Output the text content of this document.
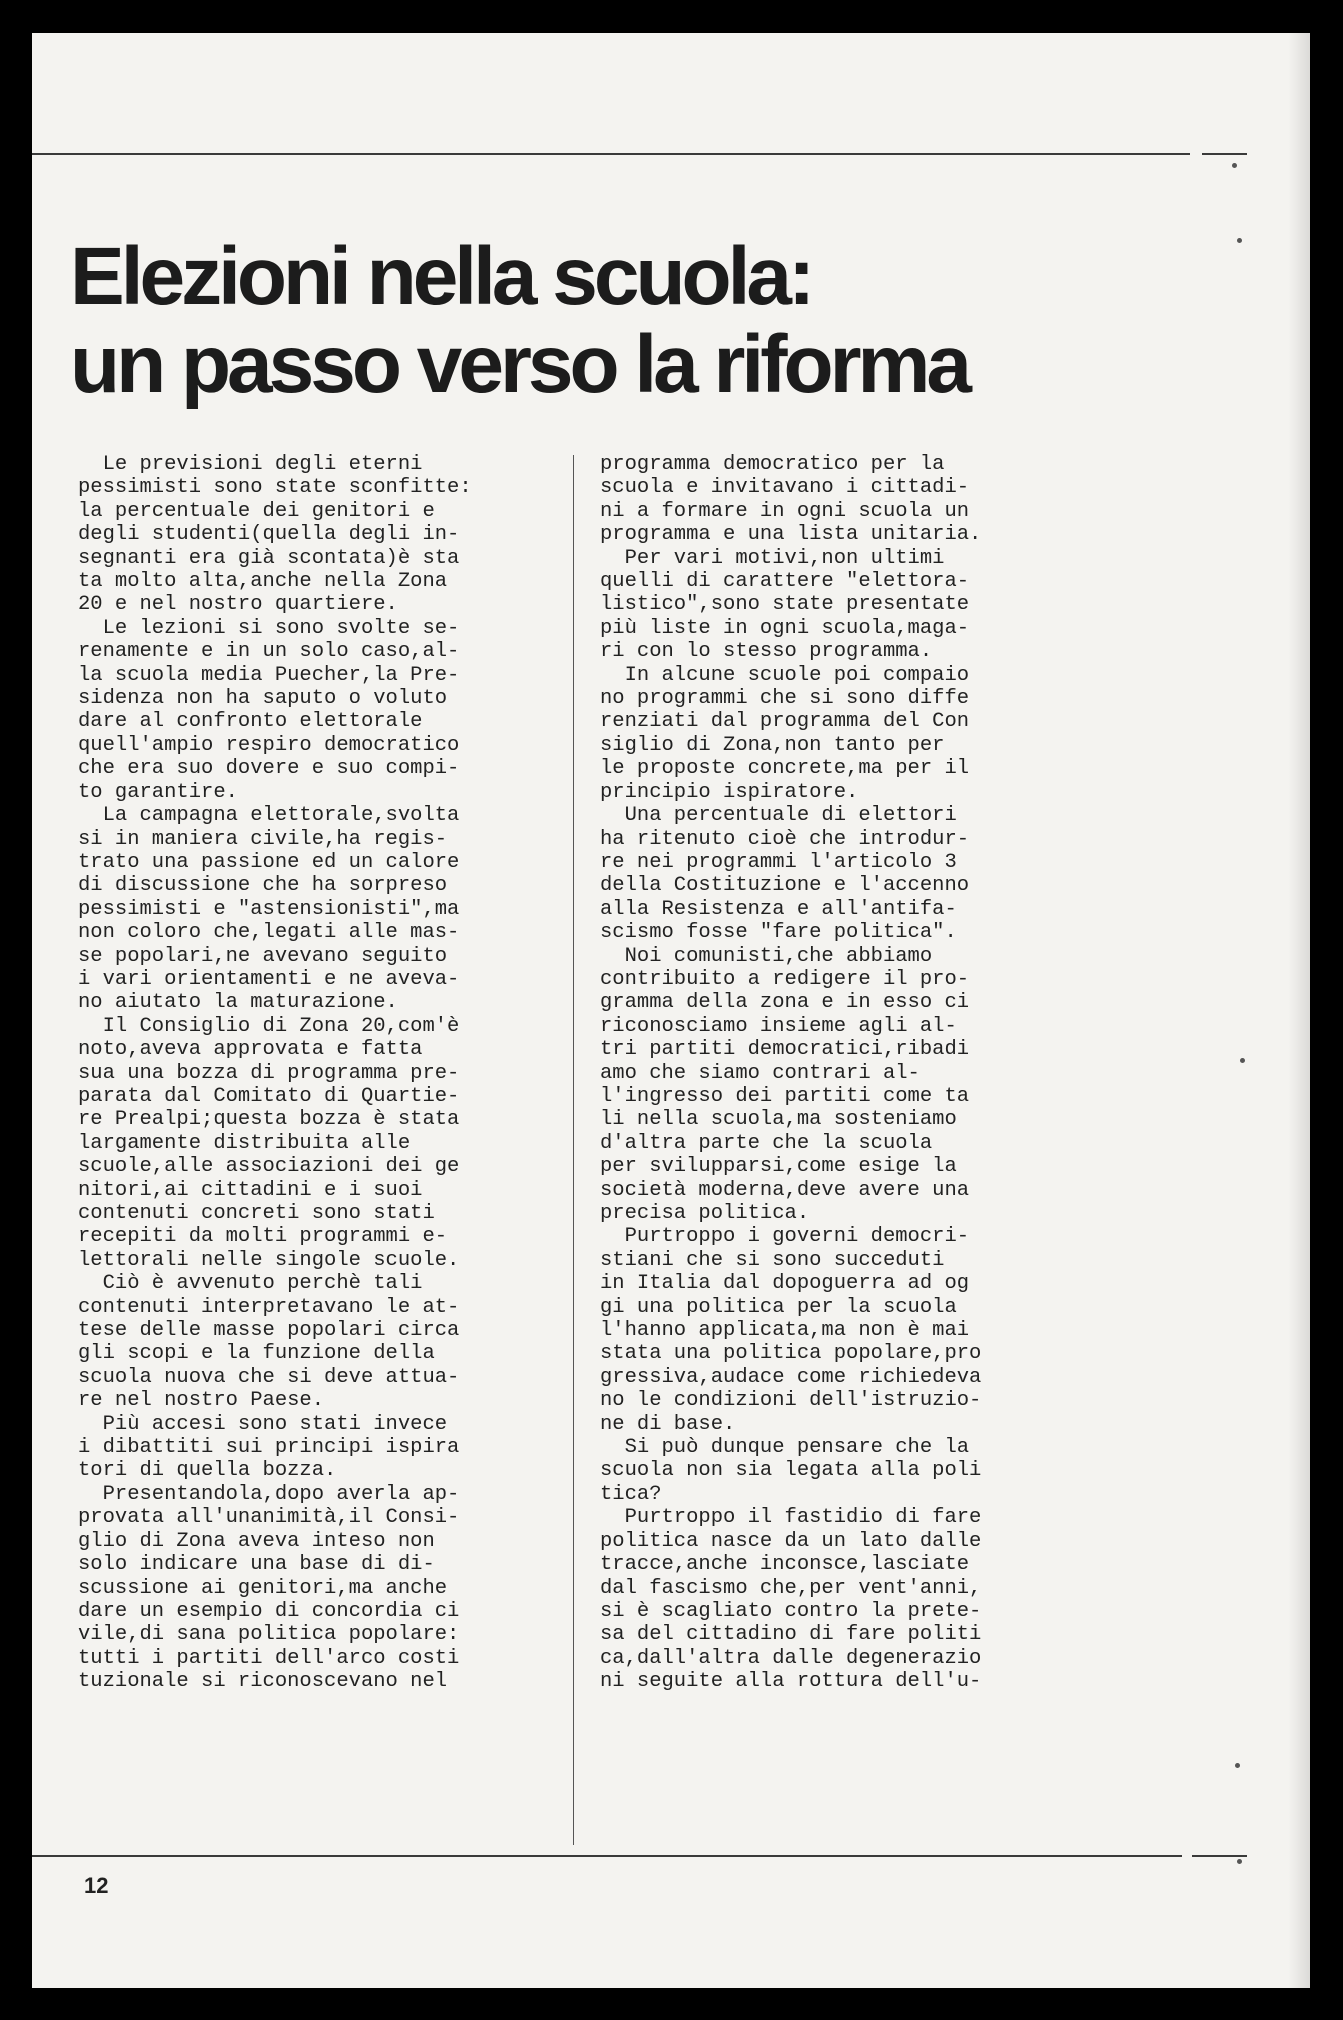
Elezioni nella scuola:
un passo verso la riforma
Le previsioni degli eterni
pessimisti sono state sconfitte:
la percentuale dei genitori e
degli studenti(quella degli in-
segnanti era già scontata)è sta
ta molto alta,anche nella Zona
20 e nel nostro quartiere.
Le lezioni si sono svolte se-
renamente e in un solo caso,al-
la scuola media Puecher,la Pre-
sidenza non ha saputo o voluto
dare al confronto elettorale
quell'ampio respiro democratico
che era suo dovere e suo compi-
to garantire.
La campagna elettorale,svolta
si in maniera civile,ha regis-
trato una passione ed un calore
di discussione che ha sorpreso
pessimisti e "astensionisti",ma
non coloro che,legati alle mas-
se popolari,ne avevano seguito
i vari orientamenti e ne aveva-
no aiutato la maturazione.
Il Consiglio di Zona 20,com'è
noto,aveva approvata e fatta
sua una bozza di programma pre-
parata dal Comitato di Quartie-
re Prealpi;questa bozza è stata
largamente distribuita alle
scuole,alle associazioni dei ge
nitori,ai cittadini e i suoi
contenuti concreti sono stati
recepiti da molti programmi e-
lettorali nelle singole scuole.
Ciò è avvenuto perchè tali
contenuti interpretavano le at-
tese delle masse popolari circa
gli scopi e la funzione della
scuola nuova che si deve attua-
re nel nostro Paese.
Più accesi sono stati invece
i dibattiti sui principi ispira
tori di quella bozza.
Presentandola,dopo averla ap-
provata all'unanimità,il Consi-
glio di Zona aveva inteso non
solo indicare una base di di-
scussione ai genitori,ma anche
dare un esempio di concordia ci
vile,di sana politica popolare:
tutti i partiti dell'arco costi
tuzionale si riconoscevano nel
programma democratico per la
scuola e invitavano i cittadi-
ni a formare in ogni scuola un
programma e una lista unitaria.
Per vari motivi,non ultimi
quelli di carattere "elettora-
listico",sono state presentate
più liste in ogni scuola,maga-
ri con lo stesso programma.
In alcune scuole poi compaio
no programmi che si sono diffe
renziati dal programma del Con
siglio di Zona,non tanto per
le proposte concrete,ma per il
principio ispiratore.
Una percentuale di elettori
ha ritenuto cioè che introdur-
re nei programmi l'articolo 3
della Costituzione e l'accenno
alla Resistenza e all'antifa-
scismo fosse "fare politica".
Noi comunisti,che abbiamo
contribuito a redigere il pro-
gramma della zona e in esso ci
riconosciamo insieme agli al-
tri partiti democratici,ribadi
amo che siamo contrari al-
l'ingresso dei partiti come ta
li nella scuola,ma sosteniamo
d'altra parte che la scuola
per svilupparsi,come esige la
società moderna,deve avere una
precisa politica.
Purtroppo i governi democri-
stiani che si sono succeduti
in Italia dal dopoguerra ad og
gi una politica per la scuola
l'hanno applicata,ma non è mai
stata una politica popolare,pro
gressiva,audace come richiedeva
no le condizioni dell'istruzio-
ne di base.
Si può dunque pensare che la
scuola non sia legata alla poli
tica?
Purtroppo il fastidio di fare
politica nasce da un lato dalle
tracce,anche inconsce,lasciate
dal fascismo che,per vent'anni,
si è scagliato contro la prete-
sa del cittadino di fare politi
ca,dall'altra dalle degenerazio
ni seguite alla rottura dell'u-
12
